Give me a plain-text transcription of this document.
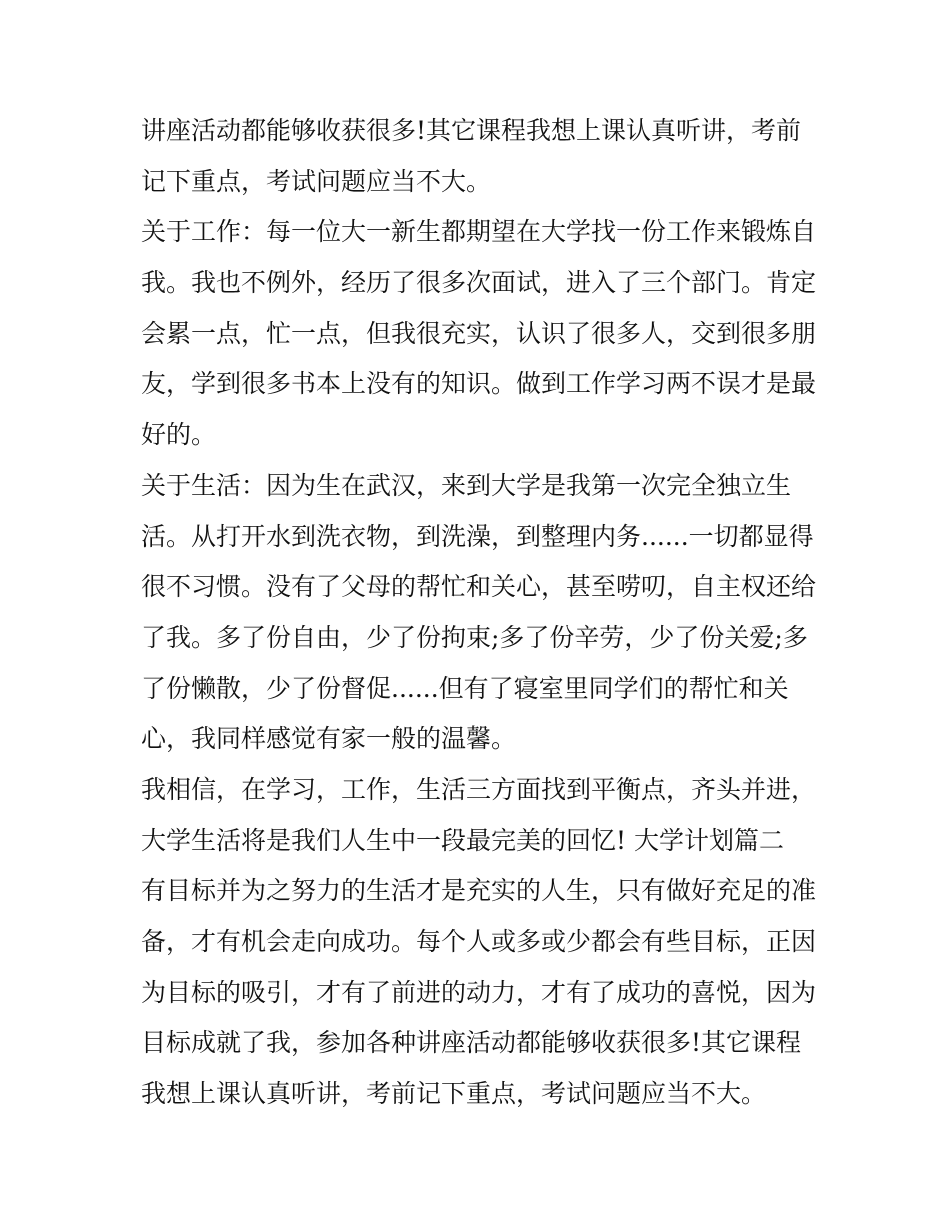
讲座活动都能够收获很多!其它课程我想上课认真听讲，考前
记下重点，考试问题应当不大。
关于工作：每一位大一新生都期望在大学找一份工作来锻炼自
我。我也不例外，经历了很多次面试，进入了三个部门。肯定
会累一点，忙一点，但我很充实，认识了很多人，交到很多朋
友，学到很多书本上没有的知识。做到工作学习两不误才是最
好的。
关于生活：因为生在武汉，来到大学是我第一次完全独立生
活。从打开水到洗衣物，到洗澡，到整理内务......一切都显得
很不习惯。没有了父母的帮忙和关心，甚至唠叨，自主权还给
了我。多了份自由，少了份拘束;多了份辛劳，少了份关爱;多
了份懒散，少了份督促......但有了寝室里同学们的帮忙和关
心，我同样感觉有家一般的温馨。
我相信，在学习，工作，生活三方面找到平衡点，齐头并进，
大学生活将是我们人生中一段最完美的回忆! 大学计划篇二
有目标并为之努力的生活才是充实的人生，只有做好充足的准
备，才有机会走向成功。每个人或多或少都会有些目标，正因
为目标的吸引，才有了前进的动力，才有了成功的喜悦，因为
目标成就了我，参加各种讲座活动都能够收获很多!其它课程
我想上课认真听讲，考前记下重点，考试问题应当不大。
